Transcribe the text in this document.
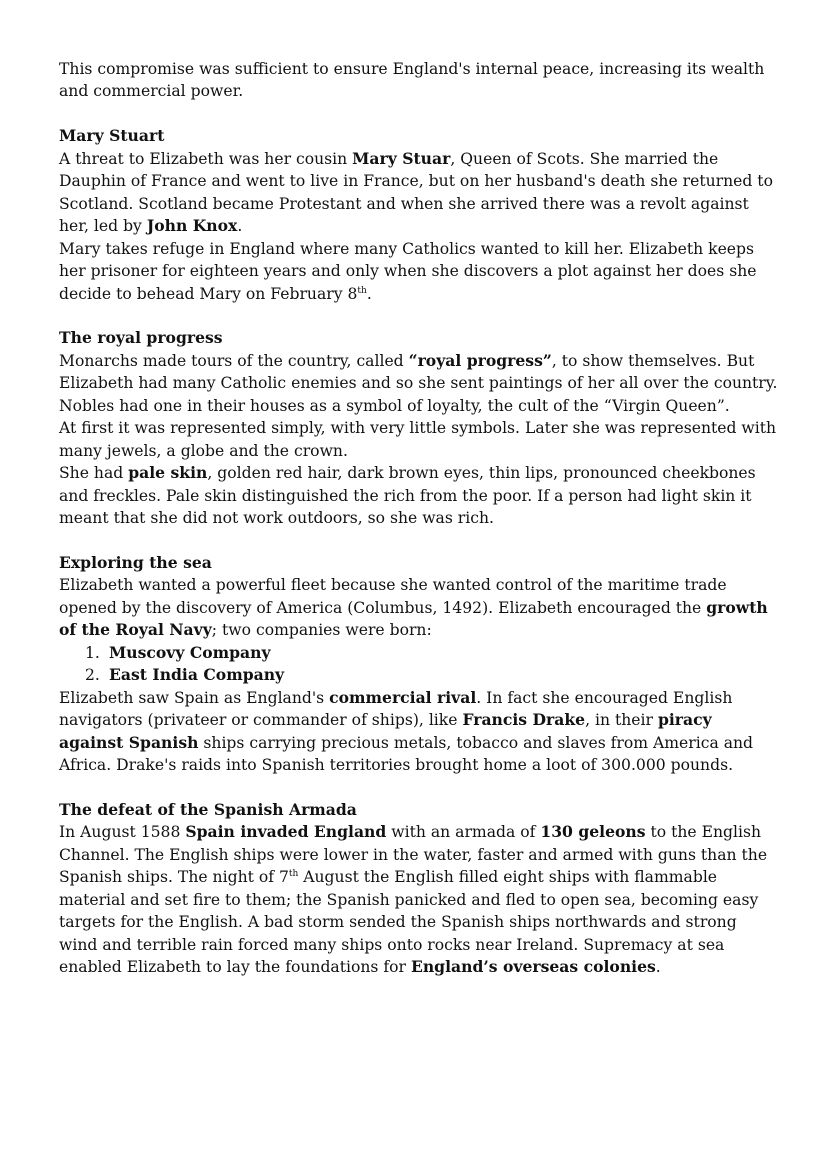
This compromise was sufficient to ensure England's internal peace, increasing its wealth and commercial power.

Mary Stuart

A threat to Elizabeth was her cousin Mary Stuar, Queen of Scots. She married the Dauphin of France and went to live in France, but on her husband's death she returned to Scotland. Scotland became Protestant and when she arrived there was a revolt against her, led by John Knox.

Mary takes refuge in England where many Catholics wanted to kill her. Elizabeth keeps her prisoner for eighteen years and only when she discovers a plot against her does she decide to behead Mary on February 8th.

The royal progress

Monarchs made tours of the country, called “royal progress”, to show themselves. But Elizabeth had many Catholic enemies and so she sent paintings of her all over the country. Nobles had one in their houses as a symbol of loyalty, the cult of the “Virgin Queen”.

At first it was represented simply, with very little symbols. Later she was represented with many jewels, a globe and the crown.

She had pale skin, golden red hair, dark brown eyes, thin lips, pronounced cheekbones and freckles. Pale skin distinguished the rich from the poor. If a person had light skin it meant that she did not work outdoors, so she was rich.

Exploring the sea

Elizabeth wanted a powerful fleet because she wanted control of the maritime trade opened by the discovery of America (Columbus, 1492). Elizabeth encouraged the growth of the Royal Navy; two companies were born:

1. Muscovy Company
2. East India Company

Elizabeth saw Spain as England's commercial rival. In fact she encouraged English navigators (privateer or commander of ships), like Francis Drake, in their piracy against Spanish ships carrying precious metals, tobacco and slaves from America and Africa. Drake's raids into Spanish territories brought home a loot of 300.000 pounds.

The defeat of the Spanish Armada

In August 1588 Spain invaded England with an armada of 130 geleons to the English Channel. The English ships were lower in the water, faster and armed with guns than the Spanish ships. The night of 7th August the English filled eight ships with flammable material and set fire to them; the Spanish panicked and fled to open sea, becoming easy targets for the English. A bad storm sended the Spanish ships northwards and strong wind and terrible rain forced many ships onto rocks near Ireland. Supremacy at sea enabled Elizabeth to lay the foundations for England’s overseas colonies.
